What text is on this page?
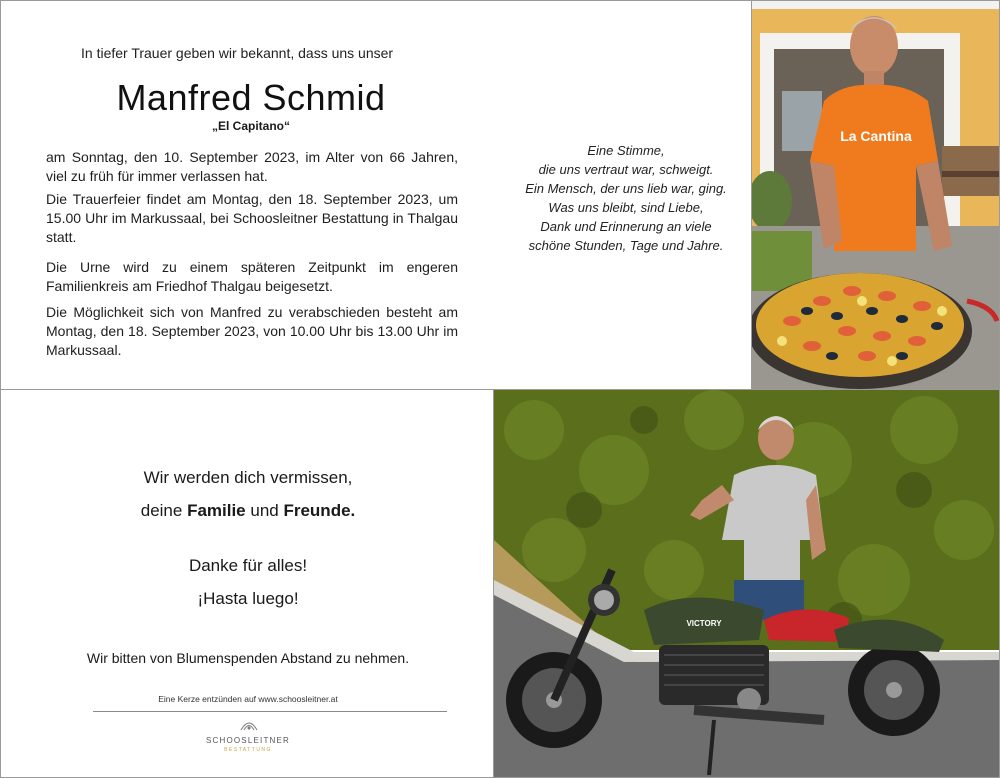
In tiefer Trauer geben wir bekannt, dass uns unser
Manfred Schmid
„El Capitano“
am Sonntag, den 10. September 2023, im Alter von 66 Jahren, viel zu früh für immer verlassen hat.
Die Trauerfeier findet am Montag, den 18. September 2023, um 15.00 Uhr im Markussaal, bei Schoosleitner Bestattung in Thalgau statt.
Die Urne wird zu einem späteren Zeitpunkt im engeren Familienkreis am Friedhof Thalgau beigesetzt.
Die Möglichkeit sich von Manfred zu verabschieden besteht am Montag, den 18. September 2023, von 10.00 Uhr bis 13.00 Uhr im Markussaal.
Eine Stimme,
die uns vertraut war, schweigt.
Ein Mensch, der uns lieb war, ging.
Was uns bleibt, sind Liebe,
Dank und Erinnerung an viele
schöne Stunden, Tage und Jahre.
La Cantina
Wir werden dich vermissen,
deine Familie und Freunde.
Danke für alles!
¡Hasta luego!
Wir bitten von Blumenspenden Abstand zu nehmen.
Eine Kerze entzünden auf www.schoosleitner.at
SCHOOSLEITNER
BESTATTUNG
VICTORY
